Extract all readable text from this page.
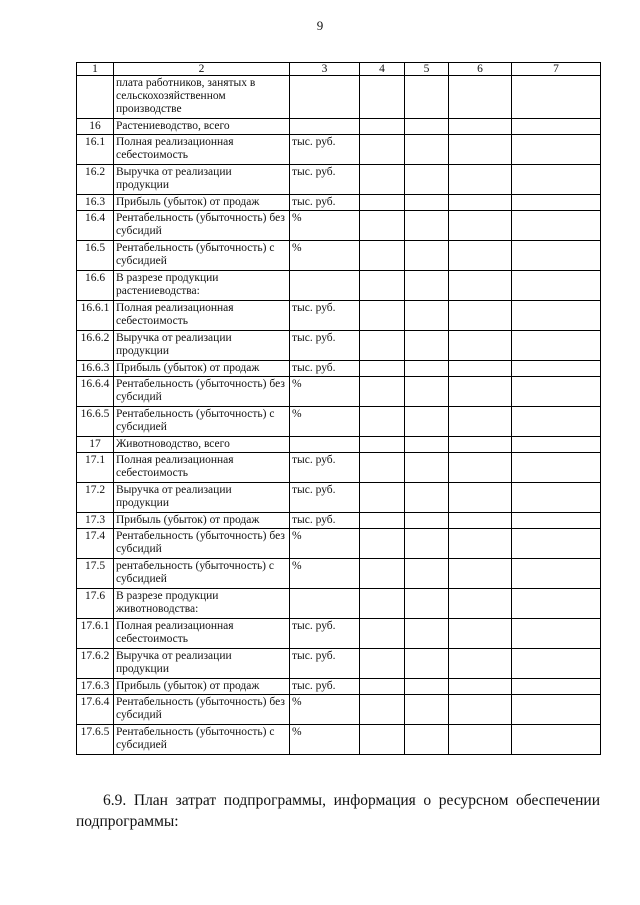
9
1	2	3	4	5	6	7
	плата работников, занятых в сельскохозяйственном производстве					
16	Растениеводство, всего					
16.1	Полная реализационная себестоимость	тыс. руб.				
16.2	Выручка от реализации продукции	тыс. руб.				
16.3	Прибыль (убыток) от продаж	тыс. руб.				
16.4	Рентабельность (убыточность) без субсидий	%				
16.5	Рентабельность (убыточность) с субсидией	%				
16.6	В разрезе продукции растениеводства:					
16.6.1	Полная реализационная себестоимость	тыс. руб.				
16.6.2	Выручка от реализации продукции	тыс. руб.				
16.6.3	Прибыль (убыток) от продаж	тыс. руб.				
16.6.4	Рентабельность (убыточность) без субсидий	%				
16.6.5	Рентабельность (убыточность) с субсидией	%				
17	Животноводство, всего					
17.1	Полная реализационная себестоимость	тыс. руб.				
17.2	Выручка от реализации продукции	тыс. руб.				
17.3	Прибыль (убыток) от продаж	тыс. руб.				
17.4	Рентабельность (убыточность) без субсидий	%				
17.5	рентабельность (убыточность) с субсидией	%				
17.6	В разрезе продукции животноводства:					
17.6.1	Полная реализационная себестоимость	тыс. руб.				
17.6.2	Выручка от реализации продукции	тыс. руб.				
17.6.3	Прибыль (убыток) от продаж	тыс. руб.				
17.6.4	Рентабельность (убыточность) без субсидий	%				
17.6.5	Рентабельность (убыточность) с субсидией	%				

6.9. План затрат подпрограммы, информация о ресурсном обеспечении подпрограммы:
